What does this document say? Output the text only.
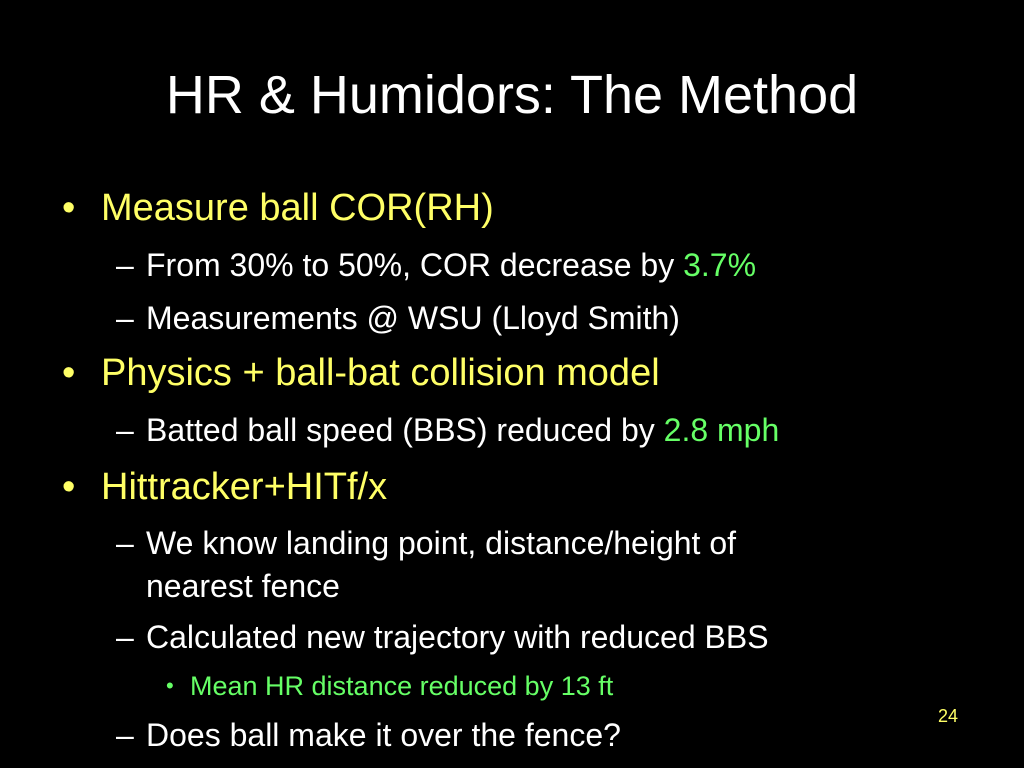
HR & Humidors: The Method
• Measure ball COR(RH)
– From 30% to 50%, COR decrease by 3.7%
– Measurements @ WSU (Lloyd Smith)
• Physics + ball-bat collision model
– Batted ball speed (BBS) reduced by 2.8 mph
• Hittracker+HITf/x
– We know landing point, distance/height of
nearest fence
– Calculated new trajectory with reduced BBS
• Mean HR distance reduced by 13 ft
– Does ball make it over the fence?
24
